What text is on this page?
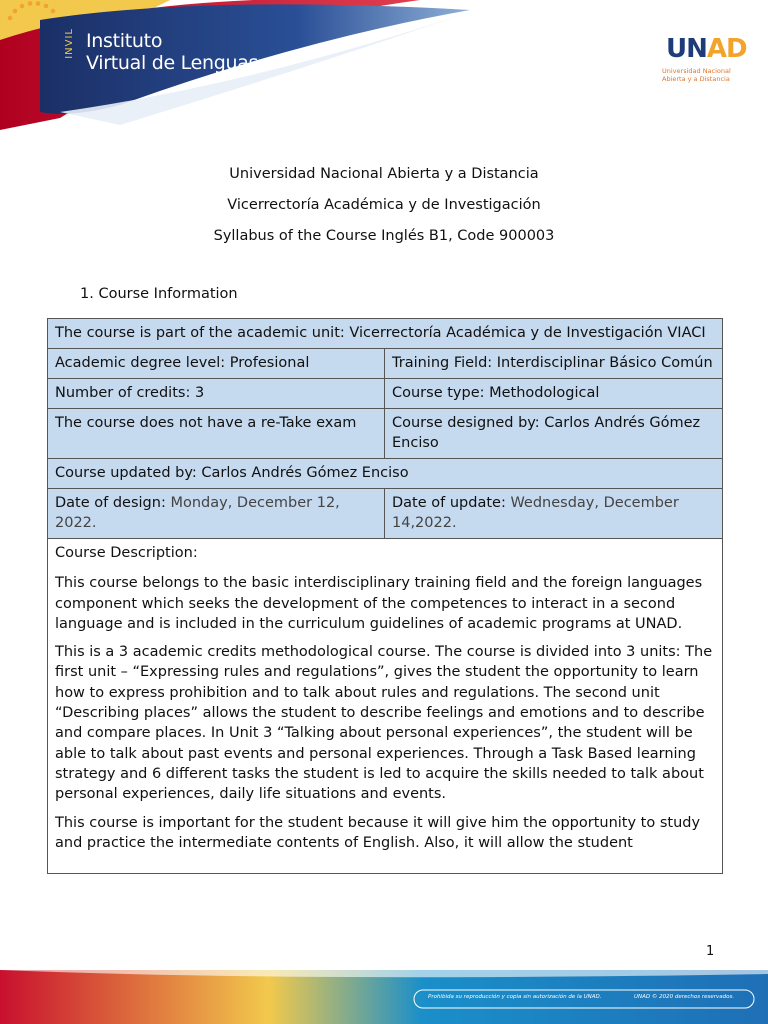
INVIL Instituto
Virtual de Lenguas	UNAD
Universidad Nacional
Abierta y a Distancia
Universidad Nacional Abierta y a Distancia
Vicerrectoría Académica y de Investigación
Syllabus of the Course Inglés B1, Code 900003
1. Course Information
The course is part of the academic unit: Vicerrectoría Académica y de Investigación VIACI	
Academic degree level: Profesional	Training Field: Interdisciplinar Básico Común
Number of credits: 3	Course type: Methodological
The course does not have a re-Take exam	Course designed by: Carlos Andrés Gómez Enciso
Course updated by: Carlos Andrés Gómez Enciso	
Date of design: Monday, December 12, 2022.	Date of update: Wednesday, December 14,2022.

Course Description:

This course belongs to the basic interdisciplinary training field and the foreign languages component which seeks the development of the competences to interact in a second language and is included in the curriculum guidelines of academic programs at UNAD.

This is a 3 academic credits methodological course. The course is divided into 3 units: The first unit – “Expressing rules and regulations”, gives the student the opportunity to learn how to express prohibition and to talk about rules and regulations. The second unit “Describing places” allows the student to describe feelings and emotions and to describe and compare places. In Unit 3 “Talking about personal experiences”, the student will be able to talk about past events and personal experiences. Through a Task Based learning strategy and 6 different tasks the student is led to acquire the skills needed to talk about personal experiences, daily life situations and events.

This course is important for the student because it will give him the opportunity to study and practice the intermediate contents of English. Also, it will allow the student	

1
Prohibida su reproducción y copia sin autorización de la UNAD.	UNAD © 2020 derechos reservados.
